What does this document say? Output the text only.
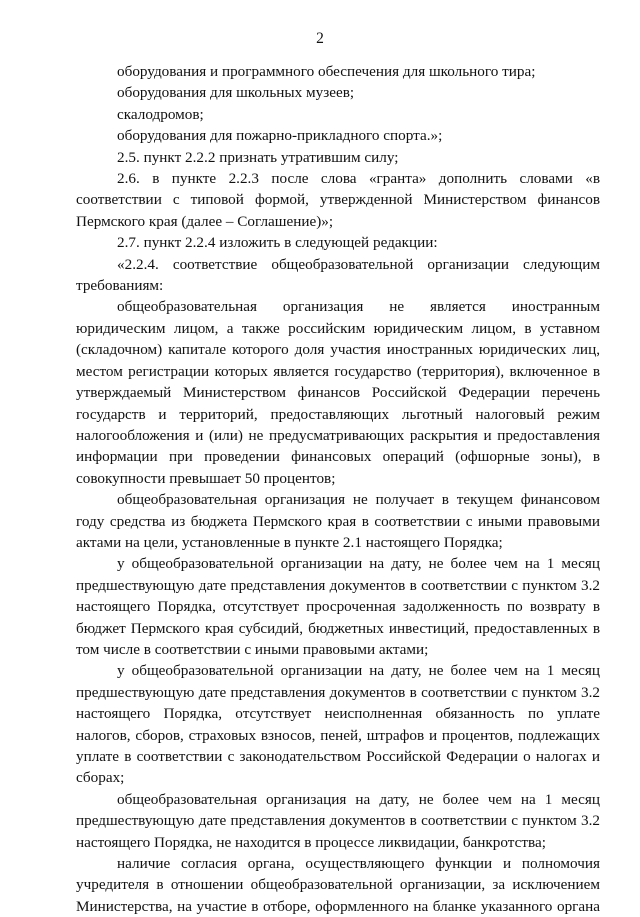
2

оборудования и программного обеспечения для школьного тира;

оборудования для школьных музеев;

скалодромов;

оборудования для пожарно-прикладного спорта.»;

2.5. пункт 2.2.2 признать утратившим силу;

2.6. в пункте 2.2.3 после слова «гранта» дополнить словами «в соответствии с типовой формой, утвержденной Министерством финансов Пермского края (далее – Соглашение)»;

2.7. пункт 2.2.4 изложить в следующей редакции:

«2.2.4. соответствие общеобразовательной организации следующим требованиям:

общеобразовательная организация не является иностранным юридическим лицом, а также российским юридическим лицом, в уставном (складочном) капитале которого доля участия иностранных юридических лиц, местом регистрации которых является государство (территория), включенное в утверждаемый Министерством финансов Российской Федерации перечень государств и территорий, предоставляющих льготный налоговый режим налогообложения и (или) не предусматривающих раскрытия и предоставления информации при проведении финансовых операций (офшорные зоны), в совокупности превышает 50 процентов;

общеобразовательная организация не получает в текущем финансовом году средства из бюджета Пермского края в соответствии с иными правовыми актами на цели, установленные в пункте 2.1 настоящего Порядка;

у общеобразовательной организации на дату, не более чем на 1 месяц предшествующую дате представления документов в соответствии с пунктом 3.2 настоящего Порядка, отсутствует просроченная задолженность по возврату в бюджет Пермского края субсидий, бюджетных инвестиций, предоставленных в том числе в соответствии с иными правовыми актами;

у общеобразовательной организации на дату, не более чем на 1 месяц предшествующую дате представления документов в соответствии с пунктом 3.2 настоящего Порядка, отсутствует неисполненная обязанность по уплате налогов, сборов, страховых взносов, пеней, штрафов и процентов, подлежащих уплате в соответствии с законодательством Российской Федерации о налогах и сборах;

общеобразовательная организация на дату, не более чем на 1 месяц предшествующую дате представления документов в соответствии с пунктом 3.2 настоящего Порядка, не находится в процессе ликвидации, банкротства;

наличие согласия органа, осуществляющего функции и полномочия учредителя в отношении общеобразовательной организации, за исключением Министерства, на участие в отборе, оформленного на бланке указанного органа
